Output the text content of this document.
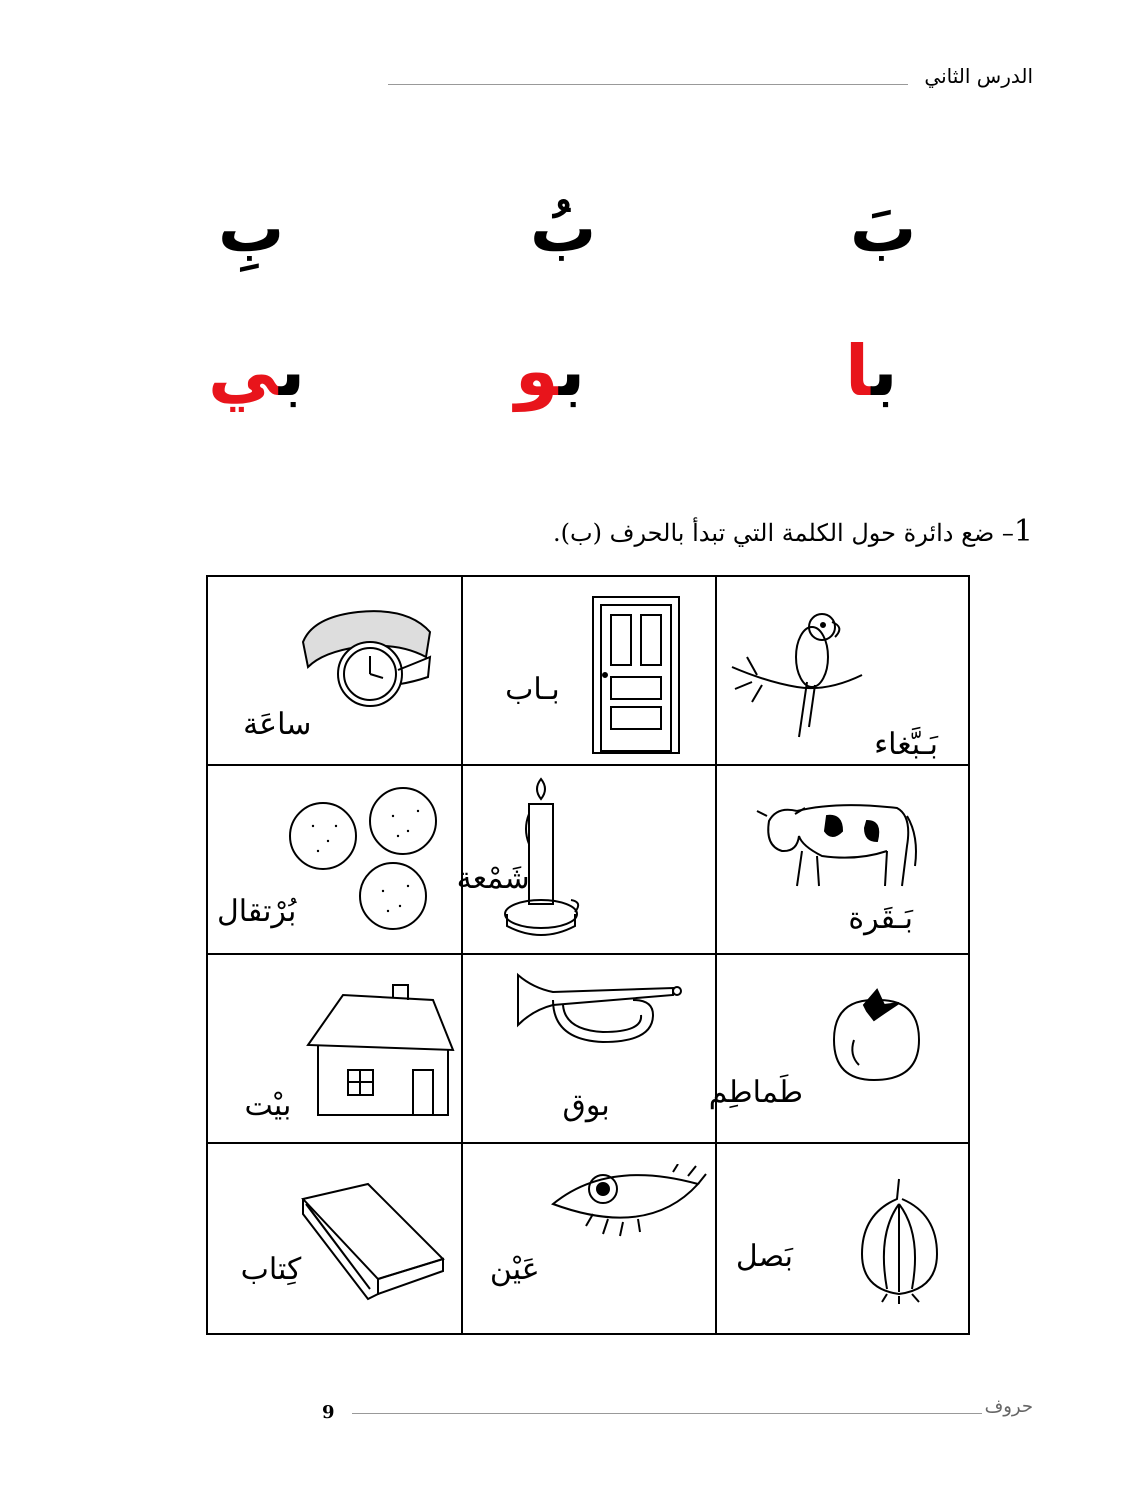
الدرس الثاني
بَ
بُ
بِ
با
بو
بي
1– ضع دائرة حول الكلمة التي تبدأ بالحرف (ب).
بَـبَّغاء
بـاب
ساعَة
بَـقَرة
شَمْعة
بُرْتقال
طَماطِم
بوق
بيْت
بَصل
عَيْن
كِتاب
حروف
9
